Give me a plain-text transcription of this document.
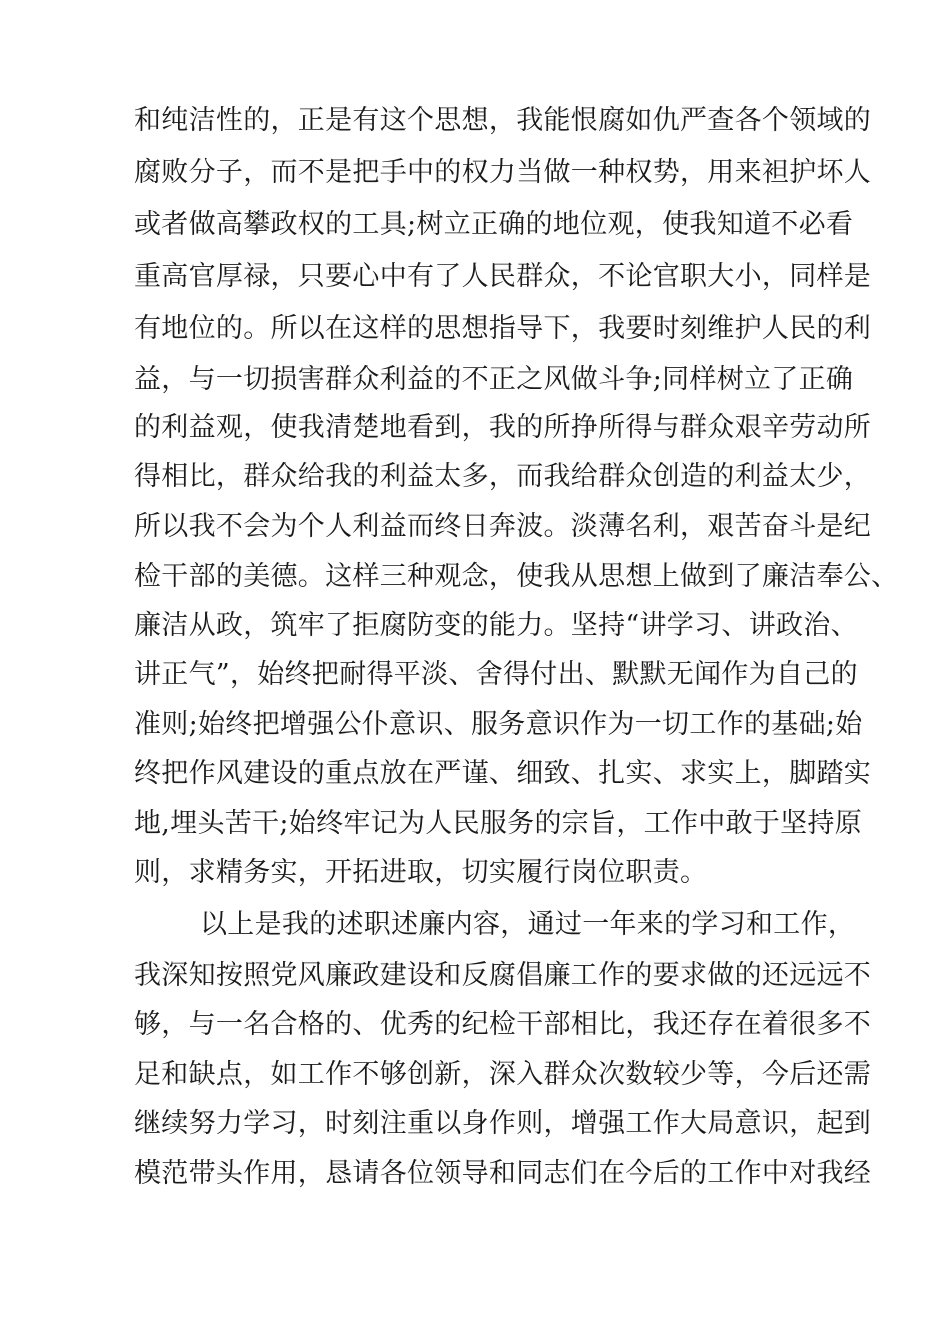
和纯洁性的，正是有这个思想，我能恨腐如仇严查各个领域的
腐败分子，而不是把手中的权力当做一种权势，用来袒护坏人
或者做高攀政权的工具;树立正确的地位观，使我知道不必看
重高官厚禄，只要心中有了人民群众，不论官职大小，同样是
有地位的。所以在这样的思想指导下，我要时刻维护人民的利
益，与一切损害群众利益的不正之风做斗争;同样树立了正确
的利益观，使我清楚地看到，我的所挣所得与群众艰辛劳动所
得相比，群众给我的利益太多，而我给群众创造的利益太少，
所以我不会为个人利益而终日奔波。淡薄名利，艰苦奋斗是纪
检干部的美德。这样三种观念，使我从思想上做到了廉洁奉公、
廉洁从政，筑牢了拒腐防变的能力。坚持“讲学习、讲政治、
讲正气”，始终把耐得平淡、舍得付出、默默无闻作为自己的
准则;始终把增强公仆意识、服务意识作为一切工作的基础;始
终把作风建设的重点放在严谨、细致、扎实、求实上，脚踏实
地,埋头苦干;始终牢记为人民服务的宗旨，工作中敢于坚持原
则，求精务实，开拓进取，切实履行岗位职责。
以上是我的述职述廉内容，通过一年来的学习和工作，
我深知按照党风廉政建设和反腐倡廉工作的要求做的还远远不
够，与一名合格的、优秀的纪检干部相比，我还存在着很多不
足和缺点，如工作不够创新，深入群众次数较少等，今后还需
继续努力学习，时刻注重以身作则，增强工作大局意识，起到
模范带头作用，恳请各位领导和同志们在今后的工作中对我经
